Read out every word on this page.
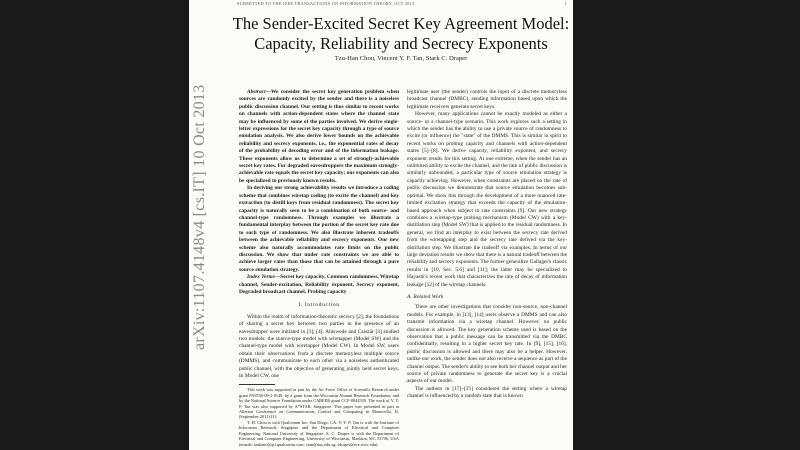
arXiv:1107.4148v4 [cs.IT] 10 Oct 2013
SUBMITTED TO THE IEEE TRANSACTIONS ON INFORMATION THEORY, OCT 2013	1
The Sender-Excited Secret Key Agreement Model:
Capacity, Reliability and Secrecy Exponents
Tzu-Han Chou, Vincent Y. F. Tan, Stark C. Draper

Abstract—We consider the secret key generation problem when sources are randomly excited by the sender and there is a noiseless public discussion channel. Our setting is thus similar to recent works on channels with action-dependent states where the channel state may be influenced by some of the parties involved. We derive single-letter expressions for the secret key capacity through a type of source emulation analysis. We also derive lower bounds on the achievable reliability and secrecy exponents, i.e., the exponential rates of decay of the probability of decoding error and of the information leakage. These exponents allow us to determine a set of strongly-achievable secret key rates. For degraded eavesdroppers the maximum strongly-achievable rate equals the secret key capacity; our exponents can also be specialized to previously known results.

In deriving our strong achievability results we introduce a coding scheme that combines wiretap coding (to excite the channel) and key extraction (to distill keys from residual randomness). The secret key capacity is naturally seen to be a combination of both source- and channel-type randomness. Through examples we illustrate a fundamental interplay between the portion of the secret key rate due to each type of randomness. We also illustrate inherent tradeoffs between the achievable reliability and secrecy exponents. Our new scheme also naturally accommodates rate limits on the public discussion. We show that under rate constraints we are able to achieve larger rates than those that can be attained through a pure source emulation strategy.

Index Terms—Secret key capacity, Common randomness, Wiretap channel, Sender-excitation, Reliability exponent, Secrecy exponent, Degraded broadcast channel, Probing capacity

I. Introduction

Within the realm of information-theoretic secrecy [2], the foundations of sharing a secret key between two parties in the presence of an eavesdropper were initiated in [3], [4]. Ahlswede and Csiszár [3] studied two models: the source-type model with wiretapper (Model SW) and the channel-type model with wiretapper (Model CW). In Model SW, users obtain their observations from a discrete memoryless multiple source (DMMS), and communicate to each other via a noiseless authenticated public channel, with the objective of generating jointly held secret keys. In Model CW, one

This work was supported in part by the Air Force Office of Scientific Research under grant FA9550-09-1-0140, by a grant from the Wisconsin Alumni Research Foundation, and by the National Science Foundation under CAREER grant CCF-0844539. The work of V. Y. F. Tan was also supported by A*STAR, Singapore. This paper was presented in part at Allerton Conference on Communication, Control and Computing in Monticello, IL (September 2011) [1].

T.-H. Chou is with Qualcomm Inc; San Diego, CA. V. Y. F. Tan is with the Institute of Infocomm Research, Singapore and the Department of Electrical and Computer Engineering, National University of Singapore. S. C. Draper is with the Department of Electrical and Computer Engineering, University of Wisconsin, Madison, WI, 53706, USA (emails: tzuhanc@qti.qualcomm.com; vtan@nus.edu.sg; sdraper@ece.wisc.edu).

legitimate user (the sender) controls the input of a discrete memoryless broadcast channel (DMBC), sending information based upon which the legitimate receivers generate secret keys.

However, many applications cannot be exactly modeled as either a source- or a channel-type scenario. This work explores such a setting in which the sender has the ability to use a private source of randomness to excite (or influence) the "state" of the DMMS. This is similar in spirit to recent works on probing capacity and channels with action-dependent states [5]–[8]. We derive capacity, reliability exponent, and secrecy exponent results for this setting. At one extreme, when the sender has an unlimited ability to excite the channel, and the rate of public discussion is similarly unbounded, a particular type of source emulation strategy is capacity achieving. However, when constraints are placed on the rate of public discussion we demonstrate that source emulation becomes sub-optimal. We show this through the development of a more nuanced rate-limited excitation strategy that exceeds the capacity of the emulation-based approach when subject to rate constraints [9]. Our new strategy combines a wiretap-type probing mechanism (Model CW) with a key-distillation step (Model SW) that is applied to the residual randomness. In general, we find an interplay to exist between the secrecy rate derived from the wiretapping step and the secrecy rate derived via the key-distillation step. We illustrate the tradeoff via examples. In terms of our large deviation results we show that there is a natural tradeoff between the reliability and secrecy exponents. The former generalize Gallager's classic results in [10, Sec. 5.6] and [11]; the latter may be specialized to Hayashi's recent work that characterizes the rate of decay of information leakage [12] of the wiretap channels.

A. Related Work

There are other investigations that consider non-source, non-channel models. For example, in [13], [14] users observe a DMMS and can also transmit information via a wiretap channel. However, no public discussion is allowed. The key generation scheme used is based on the observation that a public message can be transmitted via the DMBC confidentially, resulting in a higher secret key rate. In [9], [15], [16], public discussion is allowed and there may also be a helper. However, unlike our work, the sender does not also receive a sequence as part of the channel output. The sender's ability to see both her channel output and her source of private randomness to generate the secret key is a crucial aspects of our model.

The authors in [17]–[21] considered the setting where a wiretap channel is influenced by a random state that is known
